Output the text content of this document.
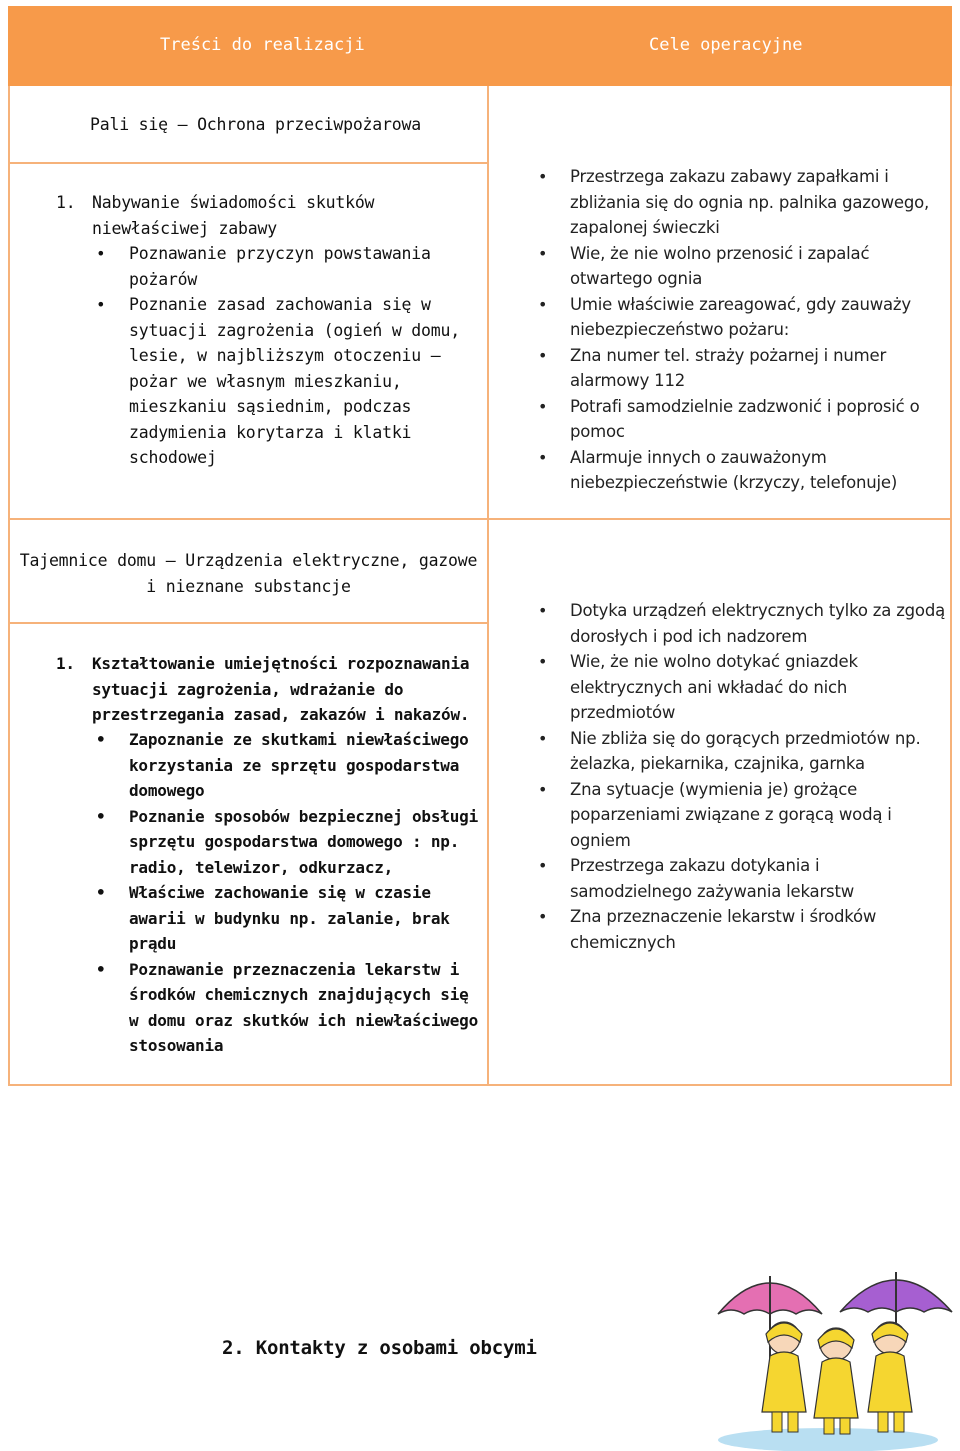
Treści do realizacji	Cele operacyjne
Pali się – Ochrona przeciwpożarowa
1. Nabywanie świadomości skutków niewłaściwej zabawy
• Poznawanie przyczyn powstawania pożarów
• Poznanie zasad zachowania się w sytuacji zagrożenia (ogień w domu, lesie, w najbliższym otoczeniu – pożar we własnym mieszkaniu, mieszkaniu sąsiednim, podczas zadymienia korytarza i klatki schodowej
• Przestrzega zakazu zabawy zapałkami i zbliżania się do ognia np. palnika gazowego, zapalonej świeczki
• Wie, że nie wolno przenosić i zapalać otwartego ognia
• Umie właściwie zareagować, gdy zauważy niebezpieczeństwo pożaru:
• Zna numer tel. straży pożarnej i numer alarmowy 112
• Potrafi samodzielnie zadzwonić i poprosić o pomoc
• Alarmuje innych o zauważonym niebezpieczeństwie (krzyczy, telefonuje)
Tajemnice domu – Urządzenia elektryczne, gazowe i nieznane substancje
1. Kształtowanie umiejętności rozpoznawania sytuacji zagrożenia, wdrażanie do przestrzegania zasad, zakazów i nakazów.
• Zapoznanie ze skutkami niewłaściwego korzystania ze sprzętu gospodarstwa domowego
• Poznanie sposobów bezpiecznej obsługi sprzętu gospodarstwa domowego : np. radio, telewizor, odkurzacz,
• Właściwe zachowanie się w czasie awarii w budynku np. zalanie, brak prądu
• Poznawanie przeznaczenia lekarstw i środków chemicznych znajdujących się w domu oraz skutków ich niewłaściwego stosowania
• Dotyka urządzeń elektrycznych tylko za zgodą dorosłych i pod ich nadzorem
• Wie, że nie wolno dotykać gniazdek elektrycznych ani wkładać do nich przedmiotów
• Nie zbliża się do gorących przedmiotów np. żelazka, piekarnika, czajnika, garnka
• Zna sytuacje (wymienia je) grożące poparzeniami związane z gorącą wodą i ogniem
• Przestrzega zakazu dotykania i samodzielnego zażywania lekarstw
• Zna przeznaczenie lekarstw i środków chemicznych
2. Kontakty z osobami obcymi
